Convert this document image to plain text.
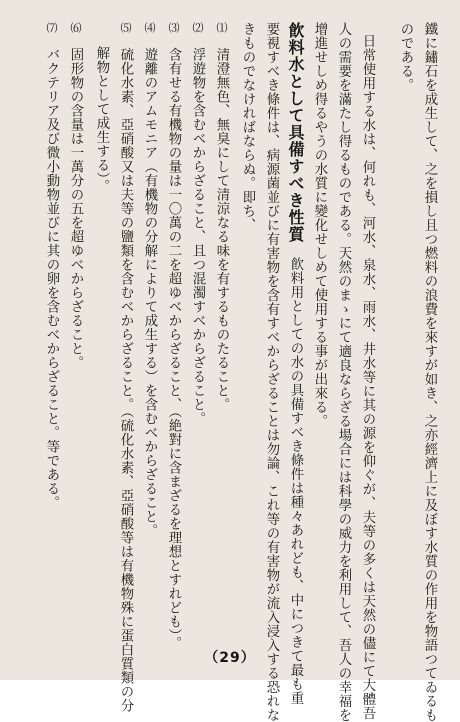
鐵に鏽石を成生して、之を損し且つ燃料の浪費を來すが如き、之亦經濟上に及ぼす水質の作用を物語つてゐるも
のである。
日常使用する水は、何れも、河水、泉水、雨水、井水等に其の源を仰ぐが、夫等の多くは天然の儘にて大體吾
人の需要を滿たし得るものである。天然のまゝにて適良ならざる場合には科學の威力を利用して、吾人の幸福を
增進せしめ得るやうの水質に變化せしめて使用する事が出來る。
飮料水として具備すべき性質　飮料用としての水の具備すべき條件は種々あれども、中につきて最も重
要視すべき條件は、病源菌並びに有害物を含有すべからざることは勿論、これ等の有害物が流入浸入する恐れな
きものでなければならぬ。即ち、
⑴　清澄無色、無臭にして清涼なる味を有するものたること。
⑵　浮遊物を含むべからざること、且つ混濁すべからざること。
⑶　含有せる有機物の量は一〇萬の二を超ゆべからざること、（絶對に含まざるを理想とすれども）。
⑷　遊離のアムモニア（有機物の分解によりて成生する）を含むべからざること。
⑸　硫化水素、亞硝酸又は夫等の鹽類を含むべからざること。（硫化水素、亞硝酸等は有機物殊に蛋白質類の分
解物として成生する）。
⑹　固形物の含量は一萬分の五を超ゆべからざること。
⑺　バクテリア及び微小動物並びに其の卵を含むべからざること。等である。
（29）
